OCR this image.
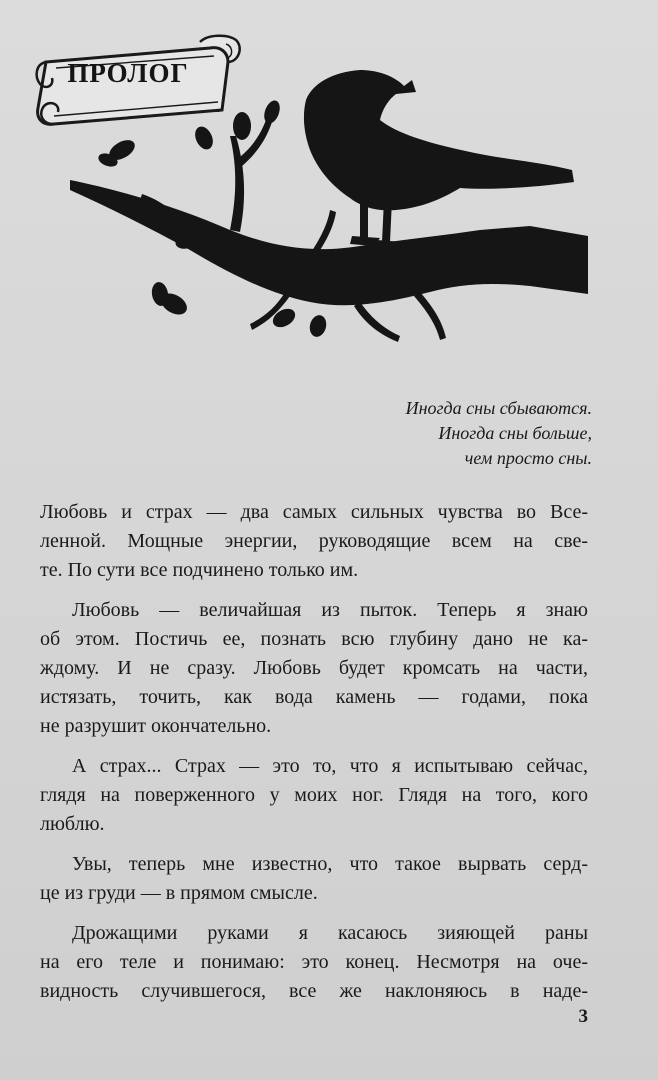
ПРОЛОГ
Иногда сны сбываются.
Иногда сны больше,
чем просто сны.
Любовь и страх — два самых сильных чувства во Все-
ленной. Мощные энергии, руководящие всем на све-
те. По сути все подчинено только им.
Любовь — величайшая из пыток. Теперь я знаю
об этом. Постичь ее, познать всю глубину дано не ка-
ждому. И не сразу. Любовь будет кромсать на части,
истязать, точить, как вода камень — годами, пока
не разрушит окончательно.
А страх... Страх — это то, что я испытываю сейчас,
глядя на поверженного у моих ног. Глядя на того, кого
люблю.
Увы, теперь мне известно, что такое вырвать серд-
це из груди — в прямом смысле.
Дрожащими руками я касаюсь зияющей раны
на его теле и понимаю: это конец. Несмотря на оче-
видность случившегося, все же наклоняюсь в наде-
3
